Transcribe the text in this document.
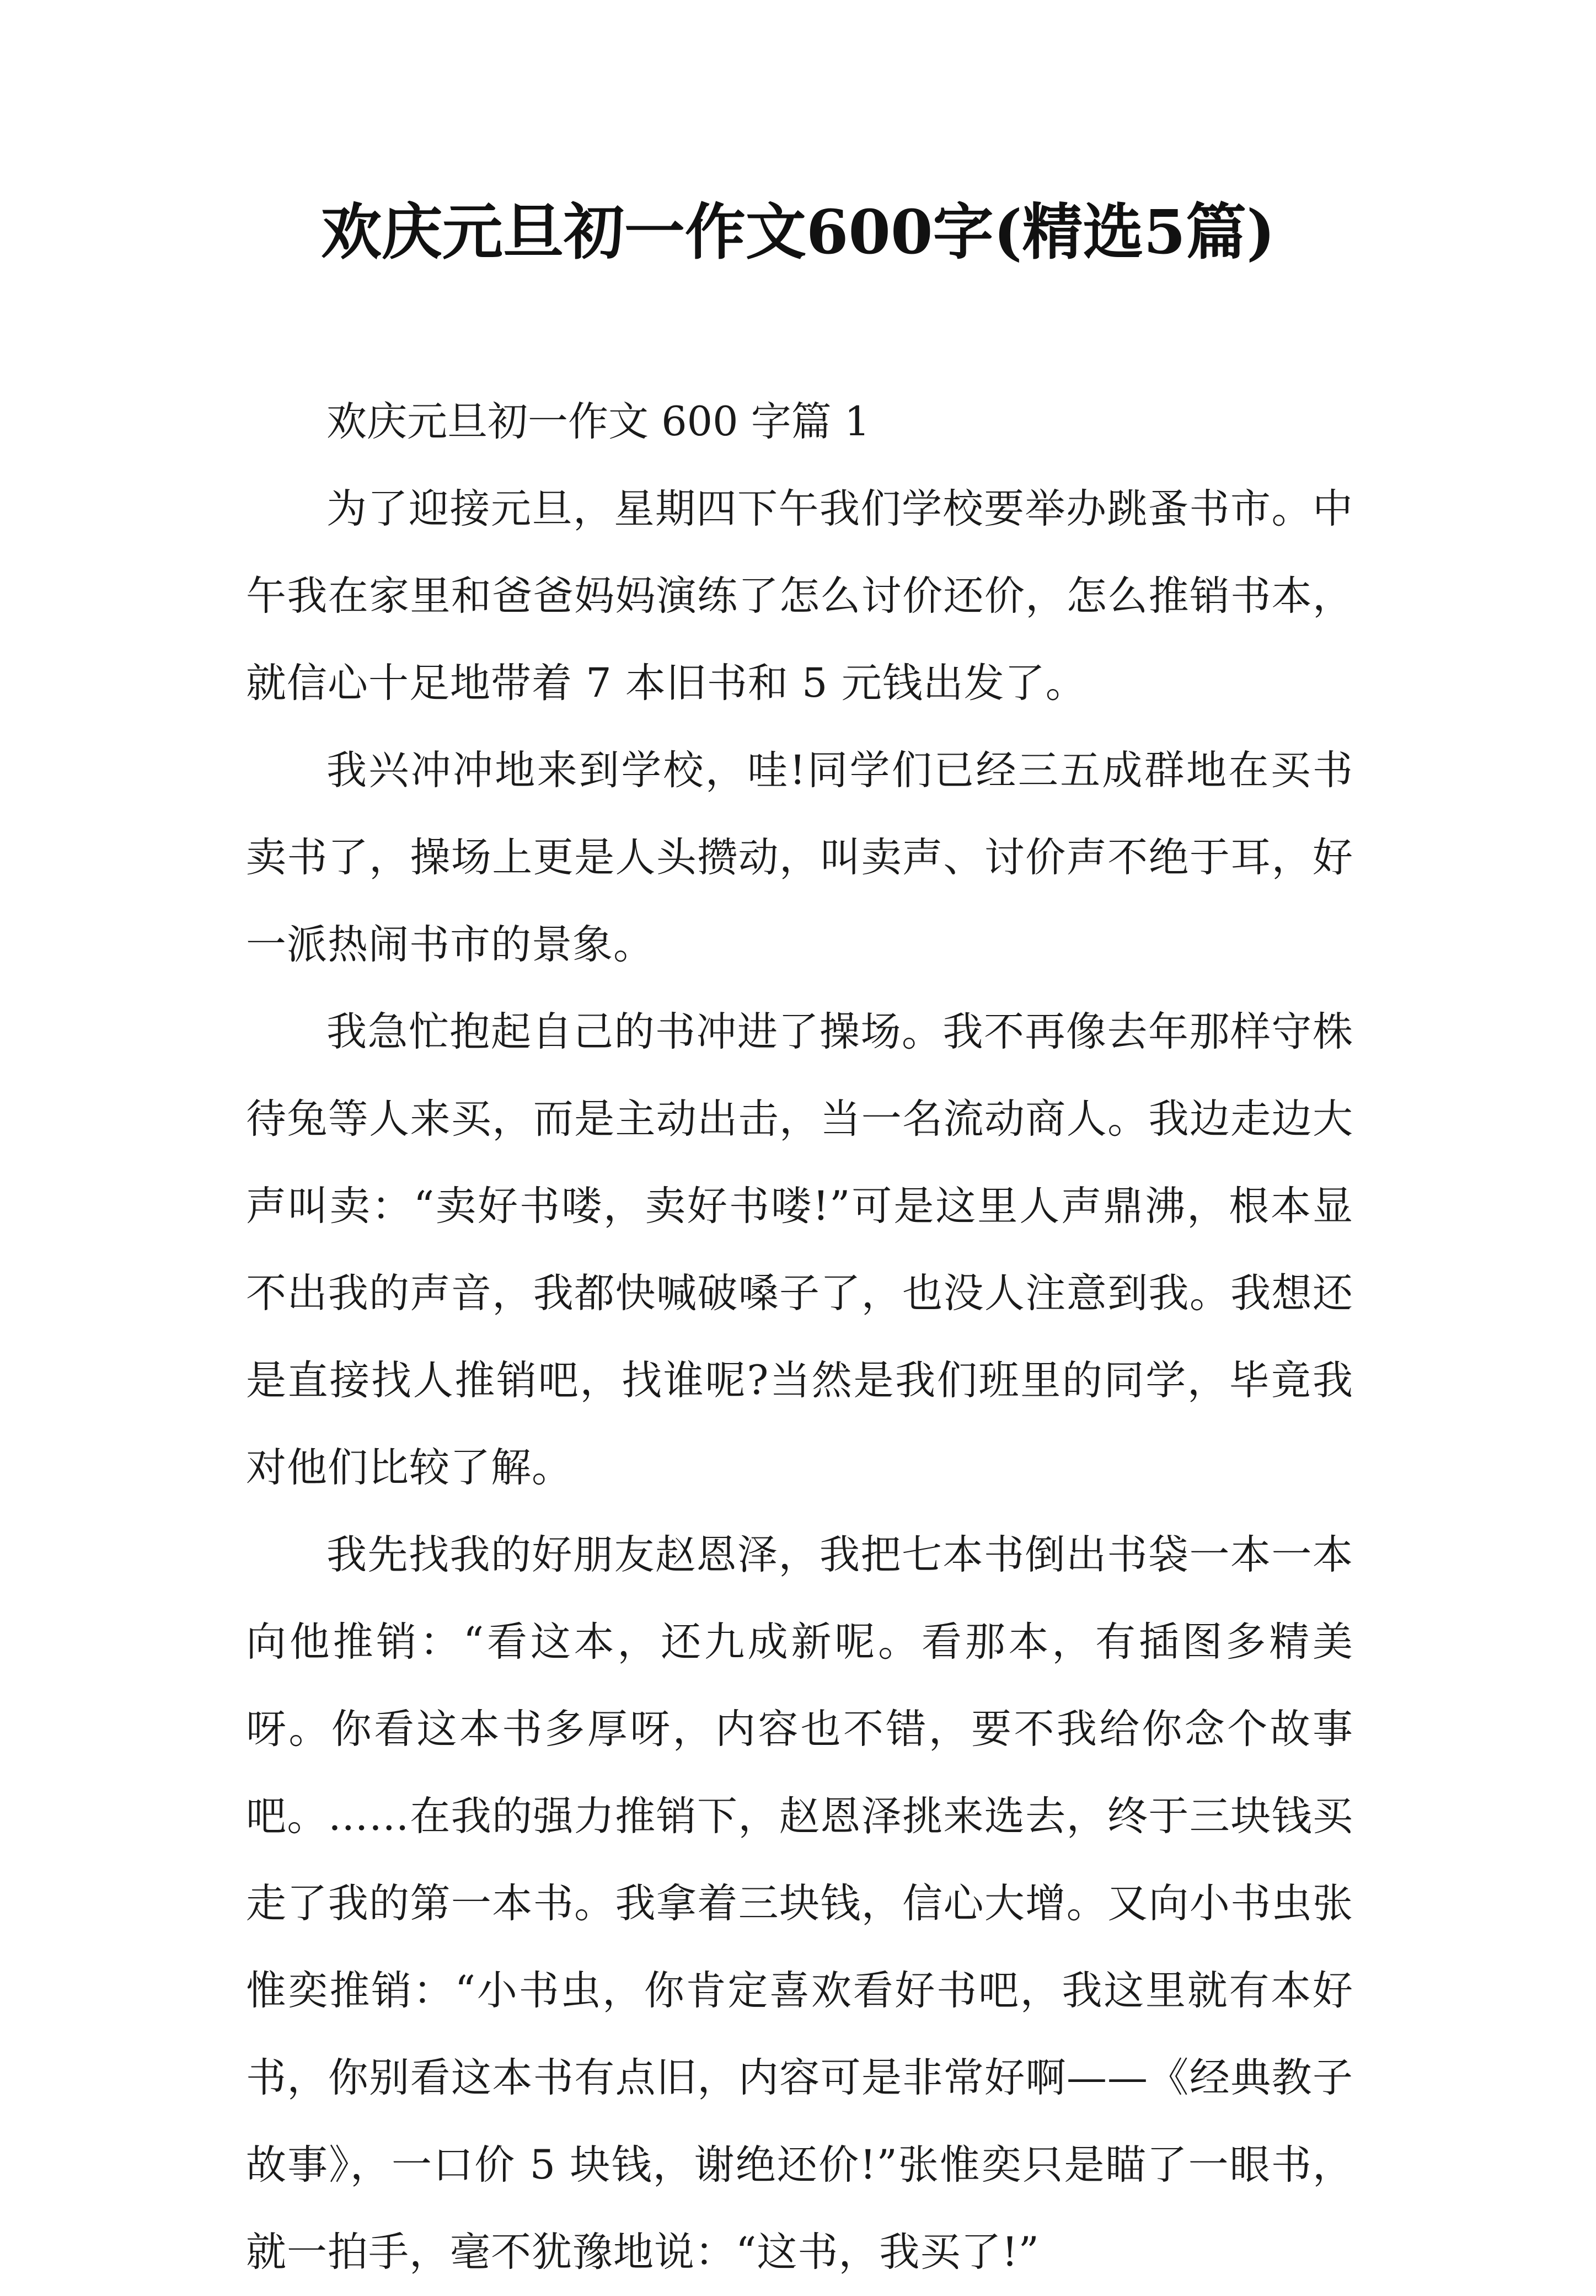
欢庆元旦初一作文600字(精选5篇)

欢庆元旦初一作文 600 字篇 1

为了迎接元旦，星期四下午我们学校要举办跳蚤书市。中午我在家里和爸爸妈妈演练了怎么讨价还价，怎么推销书本，就信心十足地带着 7 本旧书和 5 元钱出发了。

我兴冲冲地来到学校，哇!同学们已经三五成群地在买书卖书了，操场上更是人头攒动，叫卖声、讨价声不绝于耳，好一派热闹书市的景象。

我急忙抱起自己的书冲进了操场。我不再像去年那样守株待兔等人来买，而是主动出击，当一名流动商人。我边走边大声叫卖：“卖好书喽，卖好书喽!”可是这里人声鼎沸，根本显不出我的声音，我都快喊破嗓子了，也没人注意到我。我想还是直接找人推销吧，找谁呢?当然是我们班里的同学，毕竟我对他们比较了解。

我先找我的好朋友赵恩泽，我把七本书倒出书袋一本一本向他推销：“看这本，还九成新呢。看那本，有插图多精美呀。你看这本书多厚呀，内容也不错，要不我给你念个故事吧。……在我的强力推销下，赵恩泽挑来选去，终于三块钱买走了我的第一本书。我拿着三块钱，信心大增。又向小书虫张惟奕推销：“小书虫，你肯定喜欢看好书吧，我这里就有本好书，你别看这本书有点旧，内容可是非常好啊——《经典教子故事》，一口价 5 块钱，谢绝还价!”张惟奕只是瞄了一眼书，就一拍手，毫不犹豫地说：“这书，我买了!”
